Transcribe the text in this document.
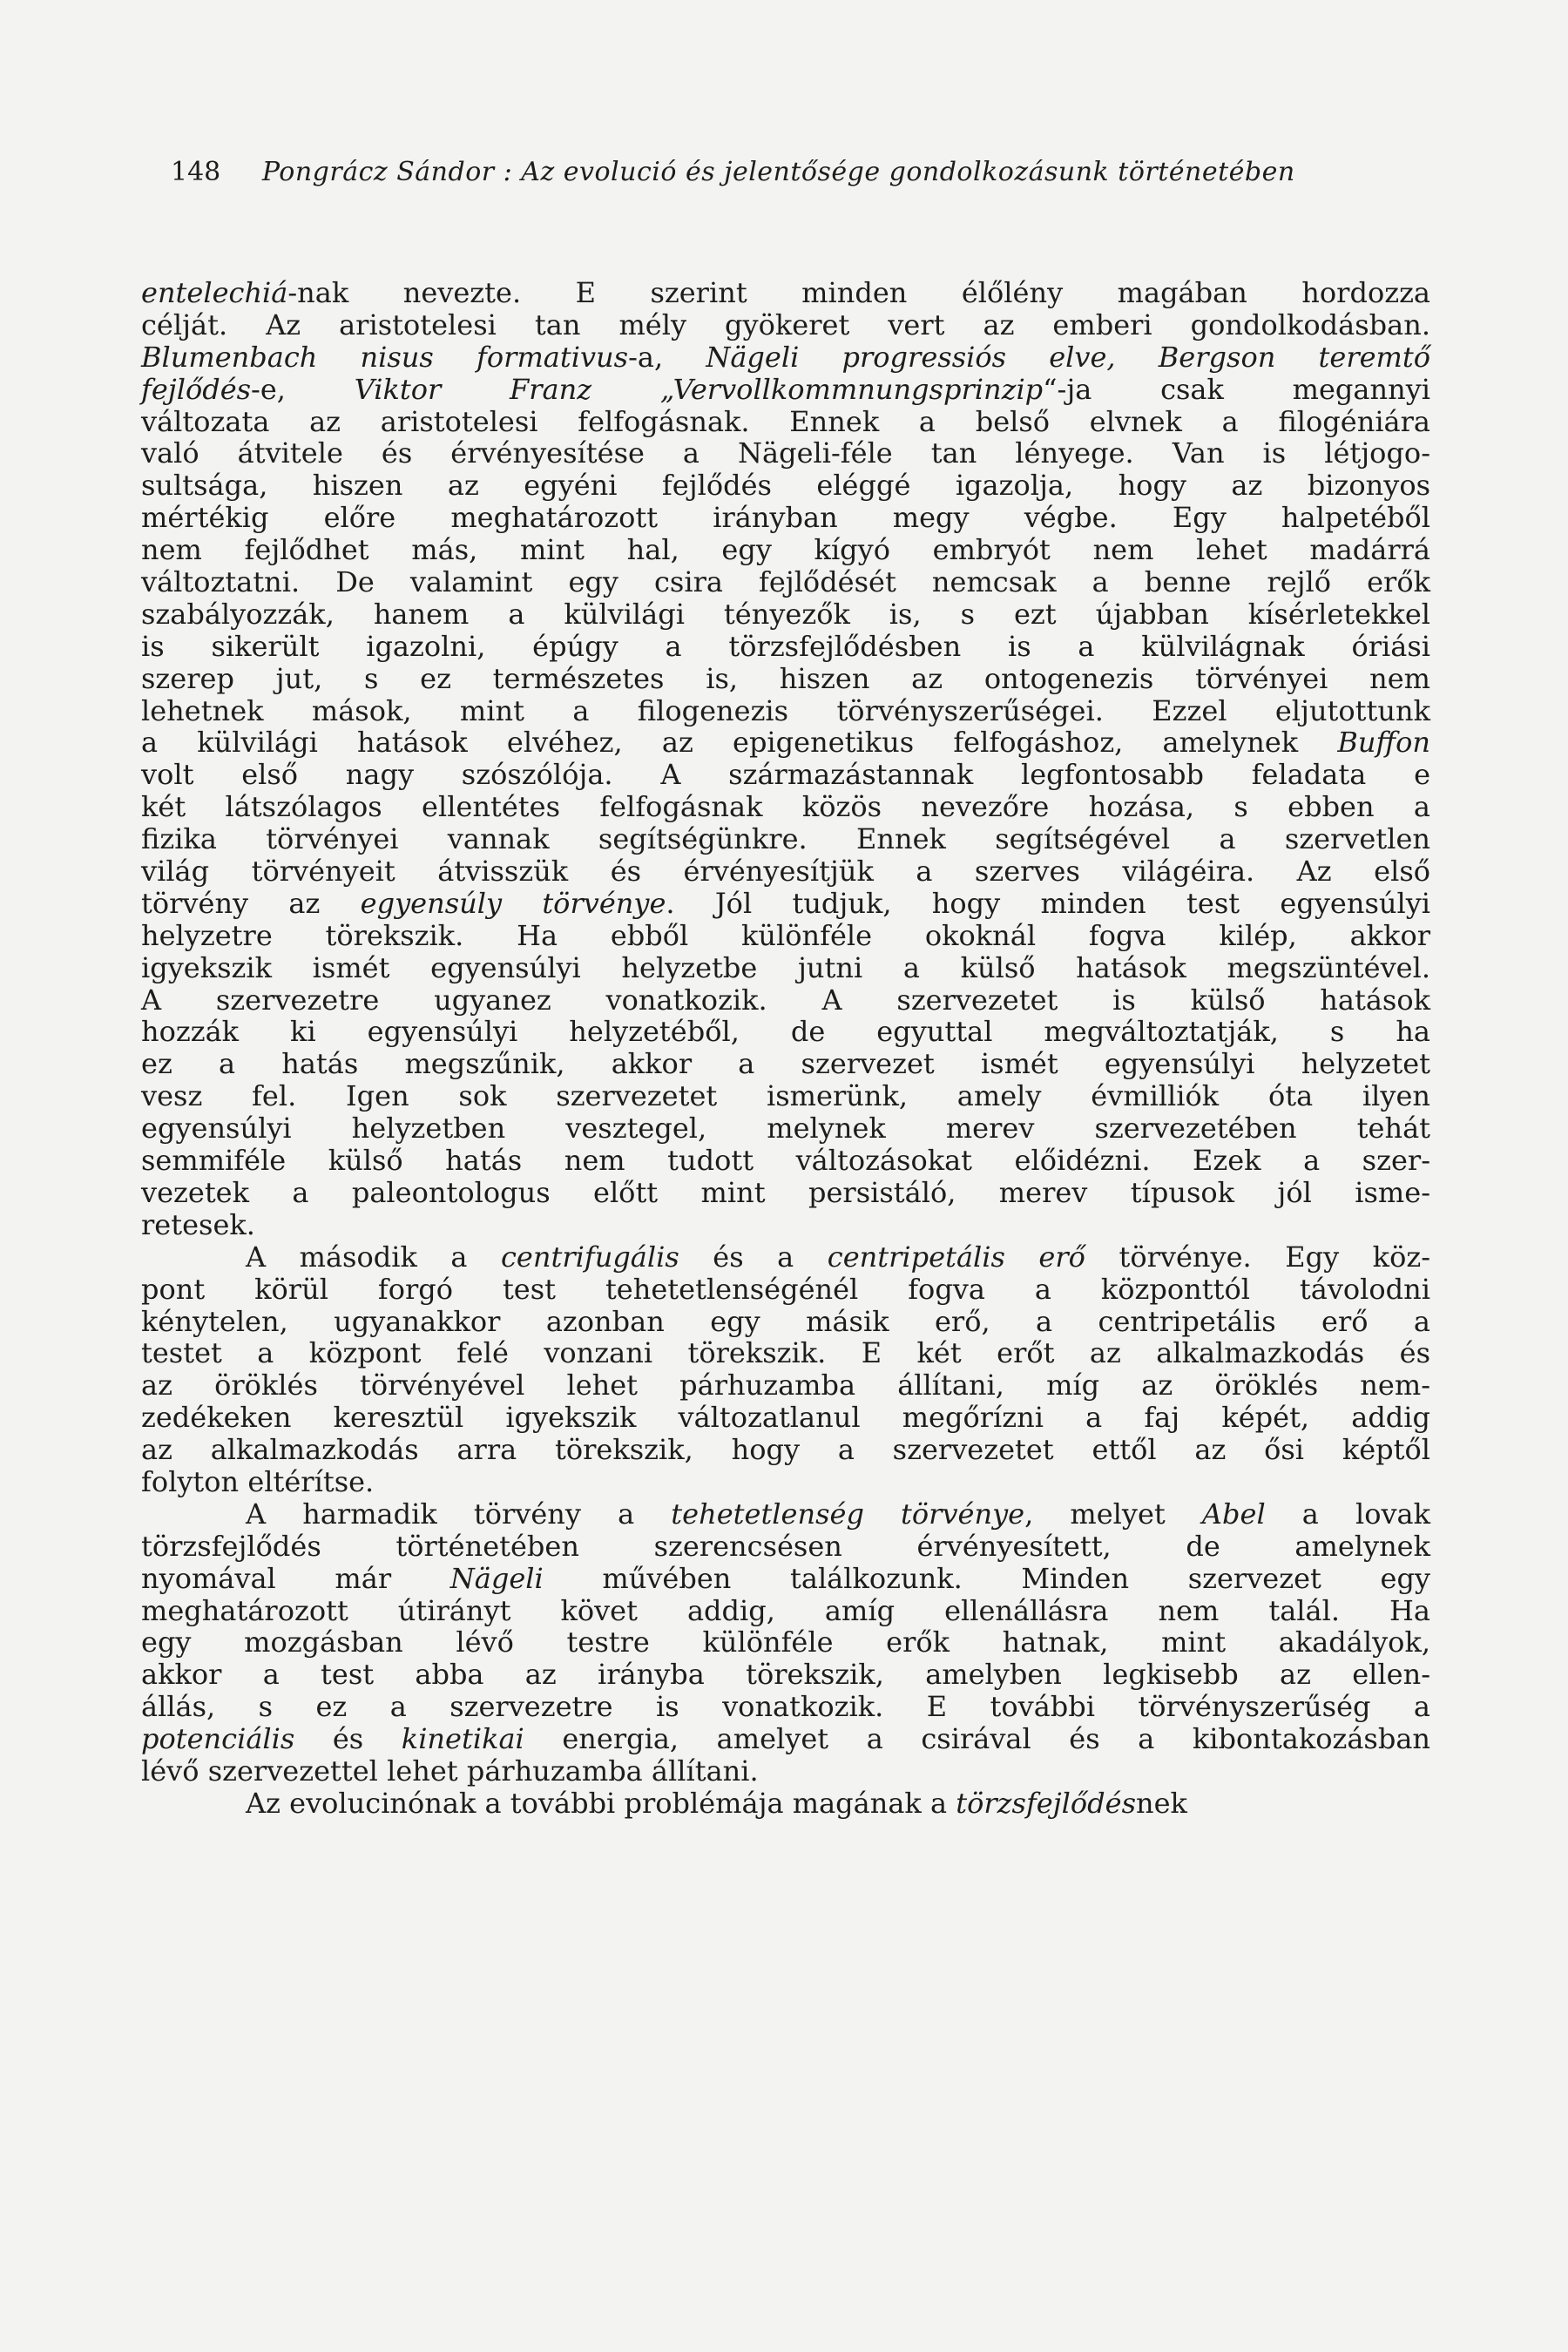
148 Pongrácz Sándor : Az evolució és jelentősége gondolkozásunk történetében
entelechiá-nak nevezte. E szerint minden élőlény magában hordozza
célját. Az aristotelesi tan mély gyökeret vert az emberi gondolkodásban.
Blumenbach nisus formativus-a, Nägeli progressiós elve, Bergson teremtő
fejlődés-e, Viktor Franz „Vervollkommnungsprinzip“-ja csak megannyi
változata az aristotelesi felfogásnak. Ennek a belső elvnek a filogéniára
való átvitele és érvényesítése a Nägeli-féle tan lényege. Van is létjogo-
sultsága, hiszen az egyéni fejlődés eléggé igazolja, hogy az bizonyos
mértékig előre meghatározott irányban megy végbe. Egy halpetéből
nem fejlődhet más, mint hal, egy kígyó embryót nem lehet madárrá
változtatni. De valamint egy csira fejlődését nemcsak a benne rejlő erők
szabályozzák, hanem a külvilági tényezők is, s ezt újabban kísérletekkel
is sikerült igazolni, épúgy a törzsfejlődésben is a külvilágnak óriási
szerep jut, s ez természetes is, hiszen az ontogenezis törvényei nem
lehetnek mások, mint a filogenezis törvényszerűségei. Ezzel eljutottunk
a külvilági hatások elvéhez, az epigenetikus felfogáshoz, amelynek Buffon
volt első nagy szószólója. A származástannak legfontosabb feladata e
két látszólagos ellentétes felfogásnak közös nevezőre hozása, s ebben a
fizika törvényei vannak segítségünkre. Ennek segítségével a szervetlen
világ törvényeit átvisszük és érvényesítjük a szerves világéira. Az első
törvény az egyensúly törvénye. Jól tudjuk, hogy minden test egyensúlyi
helyzetre törekszik. Ha ebből különféle okoknál fogva kilép, akkor
igyekszik ismét egyensúlyi helyzetbe jutni a külső hatások megszüntével.
A szervezetre ugyanez vonatkozik. A szervezetet is külső hatások
hozzák ki egyensúlyi helyzetéből, de egyuttal megváltoztatják, s ha
ez a hatás megszűnik, akkor a szervezet ismét egyensúlyi helyzetet
vesz fel. Igen sok szervezetet ismerünk, amely évmilliók óta ilyen
egyensúlyi helyzetben vesztegel, melynek merev szervezetében tehát
semmiféle külső hatás nem tudott változásokat előidézni. Ezek a szer-
vezetek a paleontologus előtt mint persistáló, merev típusok jól isme-
retesek.
A második a centrifugális és a centripetális erő törvénye. Egy köz-
pont körül forgó test tehetetlenségénél fogva a központtól távolodni
kénytelen, ugyanakkor azonban egy másik erő, a centripetális erő a
testet a központ felé vonzani törekszik. E két erőt az alkalmazkodás és
az öröklés törvényével lehet párhuzamba állítani, míg az öröklés nem-
zedékeken keresztül igyekszik változatlanul megőrízni a faj képét, addig
az alkalmazkodás arra törekszik, hogy a szervezetet ettől az ősi képtől
folyton eltérítse.
A harmadik törvény a tehetetlenség törvénye, melyet Abel a lovak
törzsfejlődés történetében szerencsésen érvényesített, de amelynek
nyomával már Nägeli művében találkozunk. Minden szervezet egy
meghatározott útirányt követ addig, amíg ellenállásra nem talál. Ha
egy mozgásban lévő testre különféle erők hatnak, mint akadályok,
akkor a test abba az irányba törekszik, amelyben legkisebb az ellen-
állás, s ez a szervezetre is vonatkozik. E további törvényszerűség a
potenciális és kinetikai energia, amelyet a csirával és a kibontakozásban
lévő szervezettel lehet párhuzamba állítani.
Az evolucinónak a további problémája magának a törzsfejlődésnek
